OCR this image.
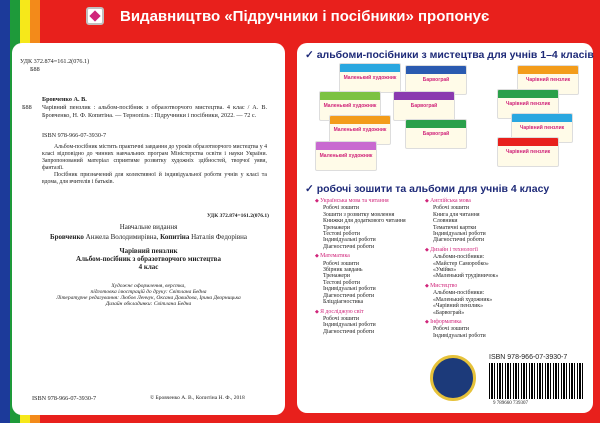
Видавництво «Підручники і посібники» пропонує
УДК 372.874=161.2(076.1)
Б88
Бровченко А. В.
Б88 Чарівний пензлик : альбом-посібник з образотворчого мистецтва. 4 клас / А. В. Бровченко, Н. Ф. Копитіна. — Тернопіль : Підручники і посібники, 2022. — 72 с.
ISBN 978-966-07-3930-7
Альбом-посібник містить практичні завдання до уроків образотворчого мистецтва у 4 класі відповідно до чинних навчальних програм Міністерства освіти і науки України. Запропонований матеріал сприятиме розвитку художніх здібностей, творчої уяви, фантазії.
Посібник призначений для колективної й індивідуальної роботи учнів у класі та вдома, для вчителів і батьків.
УДК 372.874=161.2(076.1)
Навчальне видання
Бровченко Анжела Володимирівна, Копитіна Наталія Федорівна
Чарівний пензлик
Альбом-посібник з образотворчого мистецтва
4 клас
Художнє оформлення, верстка,
підготовка ілюстрацій до друку: Світлана Бедна
Літературне редагування: Любов Ленчук, Оксана Давидова, Ірина Дворницька
Дизайн обкладинки: Світлана Бедна
ISBN 978-966-07-3930-7	© Бровченко А. В., Копитіна Н. Ф., 2018
✓ альбоми-посібники з мистецтва для учнів 1–4 класів
Маленький художник
Маленький художник
Маленький художник
Маленький художник
Барвограй
Барвограй
Барвограй
Чарівний пензлик
Чарівний пензлик
Чарівний пензлик
Чарівний пензлик
✓ робочі зошити та альбоми для учнів 4 класу
◆ Українська мова та читання
Робочі зошити
Зошити з розвитку мовлення
Книжки для додаткового читання
Тренажери
Тестові роботи
Індивідуальні роботи
Діагностичні роботи
◆ Математика
Робочі зошити
Збірник завдань
Тренажери
Тестові роботи
Індивідуальні роботи
Діагностичні роботи
Бліцдіагностика
◆ Я досліджую світ
Робочі зошити
Індивідуальні роботи
Діагностичні роботи
◆ Англійська мова
Робочі зошити
Книга для читання
Словники
Тематичні картки
Індивідуальні роботи
Діагностичні роботи
◆ Дизайн і технології
Альбоми-посібники:
«Майстер Саморобко»
«Умійко»
«Маленький трудівничок»
◆ Мистецтво
Альбоми-посібники:
«Маленький художник»
«Чарівний пензлик»
«Барвограй»
◆ Інформатика
Робочі зошити
Індивідуальні роботи
ISBN 978-966-07-3930-7
9 789660 739307
